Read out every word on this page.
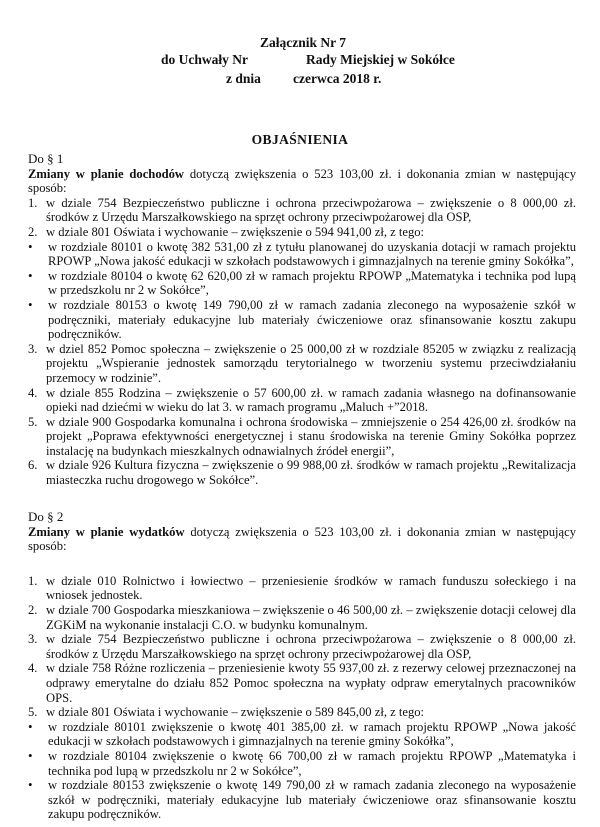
Załącznik Nr 7
do Uchwały Nr	Rady Miejskiej w Sokółce
z dnia czerwca 2018 r.
OBJAŚNIENIA
Do § 1
Zmiany w planie dochodów dotyczą zwiększenia o 523 103,00 zł. i dokonania zmian w następujący sposób:
1. w dziale 754 Bezpieczeństwo publiczne i ochrona przeciwpożarowa – zwiększenie o 8 000,00 zł. środków z Urzędu Marszałkowskiego na sprzęt ochrony przeciwpożarowej dla OSP,
2. w dziale 801 Oświata i wychowanie – zwiększenie o 594 941,00 zł, z tego:
•	w rozdziale 80101 o kwotę 382 531,00 zł z tytułu planowanej do uzyskania dotacji w ramach projektu RPOWP „Nowa jakość edukacji w szkołach podstawowych i gimnazjalnych na terenie gminy Sokółka”,
•	w rozdziale 80104 o kwotę 62 620,00 zł w ramach projektu RPOWP „Matematyka i technika pod lupą w przedszkolu nr 2 w Sokółce”,
•	w rozdziale 80153 o kwotę 149 790,00 zł w ramach zadania zleconego na wyposażenie szkół w podręczniki, materiały edukacyjne lub materiały ćwiczeniowe oraz sfinansowanie kosztu zakupu podręczników.
3. w dziel 852 Pomoc społeczna – zwiększenie o 25 000,00 zł w rozdziale 85205 w związku z realizacją projektu „Wspieranie jednostek samorządu terytorialnego w tworzeniu systemu przeciwdziałaniu przemocy w rodzinie”.
4. w dziale 855 Rodzina – zwiększenie o 57 600,00 zł. w ramach zadania własnego na dofinansowanie opieki nad dziećmi w wieku do lat 3. w ramach programu „Maluch +”2018.
5. w dziale 900 Gospodarka komunalna i ochrona środowiska – zmniejszenie o 254 426,00 zł. środków na projekt „Poprawa efektywności energetycznej i stanu środowiska na terenie Gminy Sokółka poprzez instalację na budynkach mieszkalnych odnawialnych źródeł energii”,
6. w dziale 926 Kultura fizyczna – zwiększenie o 99 988,00 zł. środków w ramach projektu „Rewitalizacja miasteczka ruchu drogowego w Sokółce”.
Do § 2
Zmiany w planie wydatków dotyczą zwiększenia o 523 103,00 zł. i dokonania zmian w następujący sposób:
1. w dziale 010 Rolnictwo i łowiectwo – przeniesienie środków w ramach funduszu sołeckiego i na wniosek jednostek.
2. w dziale 700 Gospodarka mieszkaniowa – zwiększenie o 46 500,00 zł. – zwiększenie dotacji celowej dla ZGKiM na wykonanie instalacji C.O. w budynku komunalnym.
3. w dziale 754 Bezpieczeństwo publiczne i ochrona przeciwpożarowa – zwiększenie o 8 000,00 zł. środków z Urzędu Marszałkowskiego na sprzęt ochrony przeciwpożarowej dla OSP,
4. w dziale 758 Różne rozliczenia – przeniesienie kwoty 55 937,00 zł. z rezerwy celowej przeznaczonej na odprawy emerytalne do działu 852 Pomoc społeczna na wypłaty odpraw emerytalnych pracowników OPS.
5. w dziale 801 Oświata i wychowanie – zwiększenie o 589 845,00 zł, z tego:
•	w rozdziale 80101 zwiększenie o kwotę 401 385,00 zł. w ramach projektu RPOWP „Nowa jakość edukacji w szkołach podstawowych i gimnazjalnych na terenie gminy Sokółka”,
•	w rozdziale 80104 zwiększenie o kwotę 66 700,00 zł w ramach projektu RPOWP „Matematyka i technika pod lupą w przedszkolu nr 2 w Sokółce”,
•	w rozdziale 80153 zwiększenie o kwotę 149 790,00 zł w ramach zadania zleconego na wyposażenie szkół w podręczniki, materiały edukacyjne lub materiały ćwiczeniowe oraz sfinansowanie kosztu zakupu podręczników.
